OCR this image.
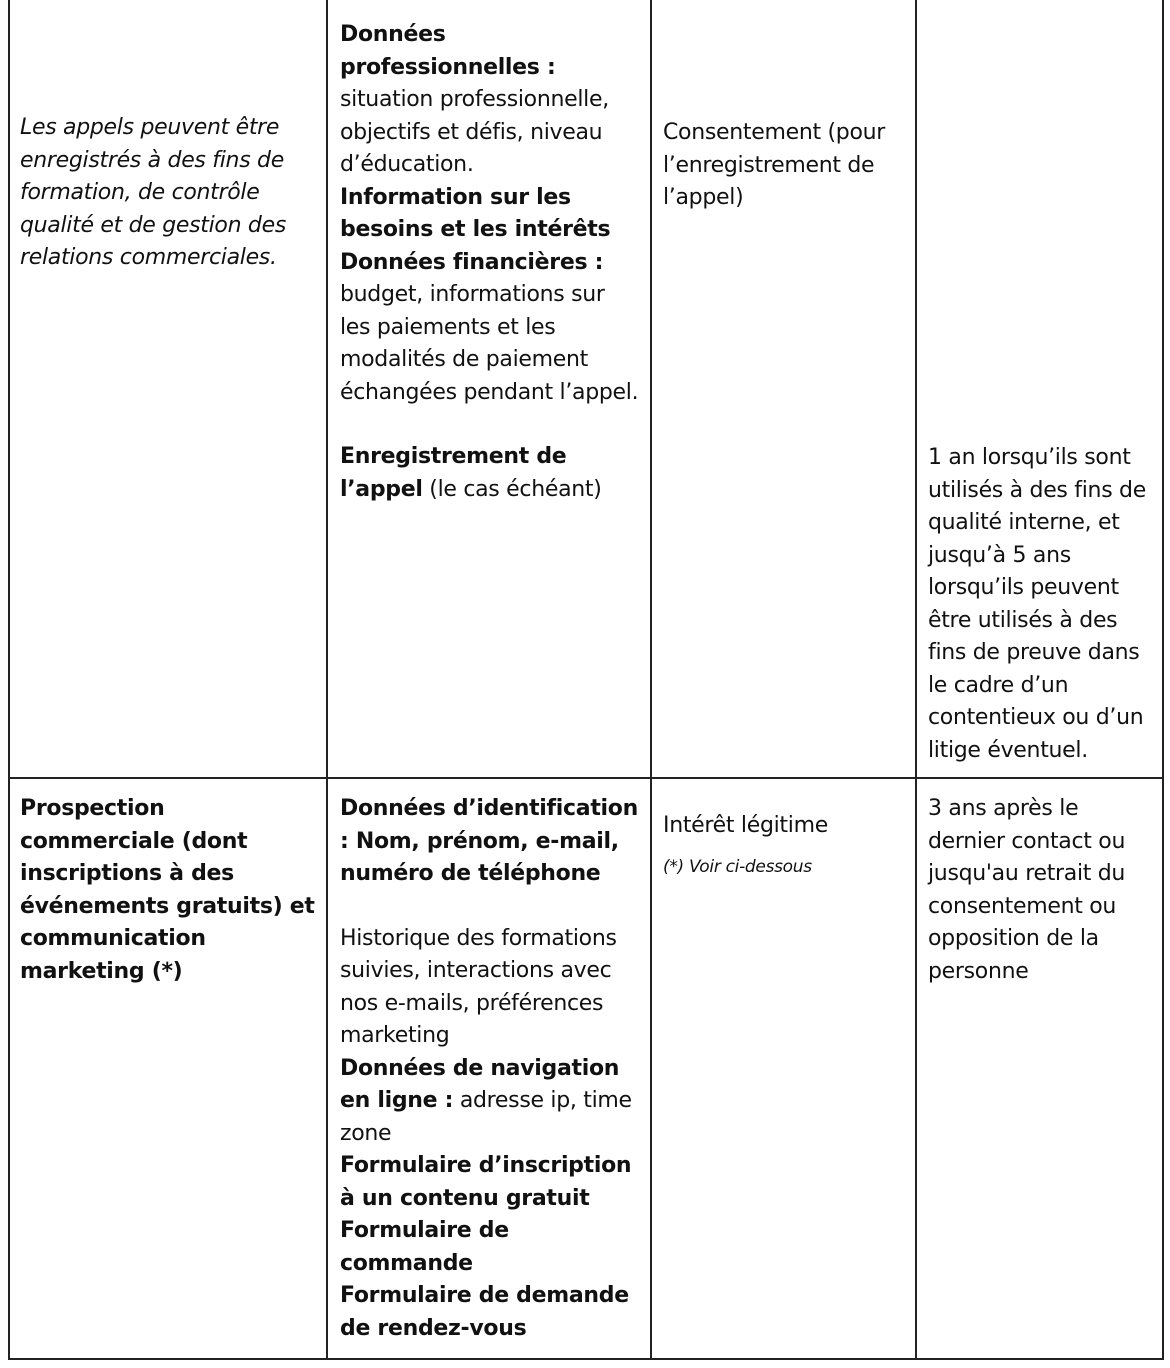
Les appels peuvent être enregistrés à des fins de formation, de contrôle qualité et de gestion des relations commerciales.

Données professionnelles :

situation professionnelle, objectifs et défis, niveau d’éducation.

Information sur les besoins et les intérêts

Données financières :

budget, informations sur les paiements et les modalités de paiement échangées pendant l’appel.

Enregistrement de l’appel (le cas échéant)

Consentement (pour l’enregistrement de l’appel)

1 an lorsqu’ils sont utilisés à des fins de qualité interne, et jusqu’à 5 ans lorsqu’ils peuvent être utilisés à des fins de preuve dans le cadre d’un contentieux ou d’un litige éventuel.

Prospection commerciale (dont inscriptions à des événements gratuits) et communication marketing (*)

Données d’identification : Nom, prénom, e-mail, numéro de téléphone

Historique des formations suivies, interactions avec nos e-mails, préférences marketing

Données de navigation en ligne : adresse ip, time zone

Formulaire d’inscription à un contenu gratuit

Formulaire de commande

Formulaire de demande de rendez-vous

Intérêt légitime

(*) Voir ci-dessous

3 ans après le dernier contact ou jusqu'au retrait du consentement ou opposition de la personne
